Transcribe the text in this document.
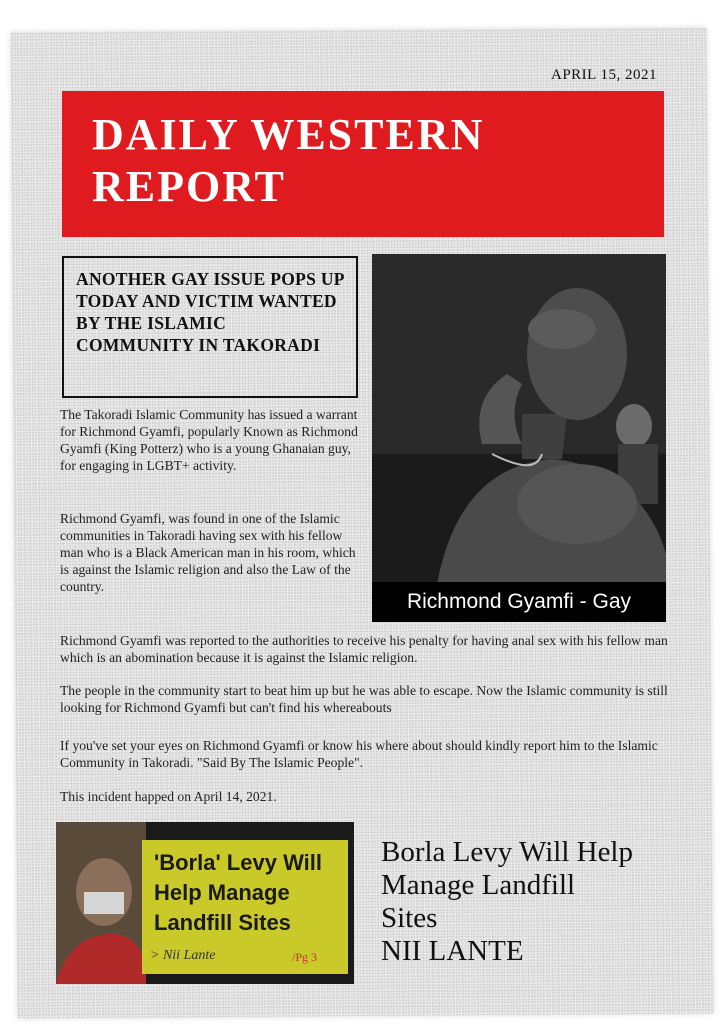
APRIL 15, 2021
DAILY WESTERN
REPORT
ANOTHER GAY ISSUE POPS UP TODAY AND VICTIM WANTED BY THE ISLAMIC COMMUNITY IN TAKORADI
Richmond Gyamfi - Gay
The Takoradi Islamic Community has issued a warrant for Richmond Gyamfi, popularly Known as Richmond Gyamfi (King Potterz) who is a young Ghanaian guy, for engaging in LGBT+ activity.
Richmond Gyamfi, was found in one of the Islamic communities in Takoradi having sex with his fellow man who is a Black American man in his room, which is against the Islamic religion and also the Law of the country.
Richmond Gyamfi was reported to the authorities to receive his penalty for having anal sex with his fellow man which is an abomination because it is against the Islamic religion.
The people in the community start to beat him up but he was able to escape. Now the Islamic community is still looking for Richmond Gyamfi but can't find his whereabouts
If you've set your eyes on Richmond Gyamfi or know his where about should kindly report him to the Islamic Community in Takoradi. "Said By The Islamic People".
This incident happed on April 14, 2021.
'Borla' Levy Will Help Manage Landfill Sites
> Nii Lante	/Pg 3
Borla Levy Will Help
Manage Landfill
Sites
NII LANTE
